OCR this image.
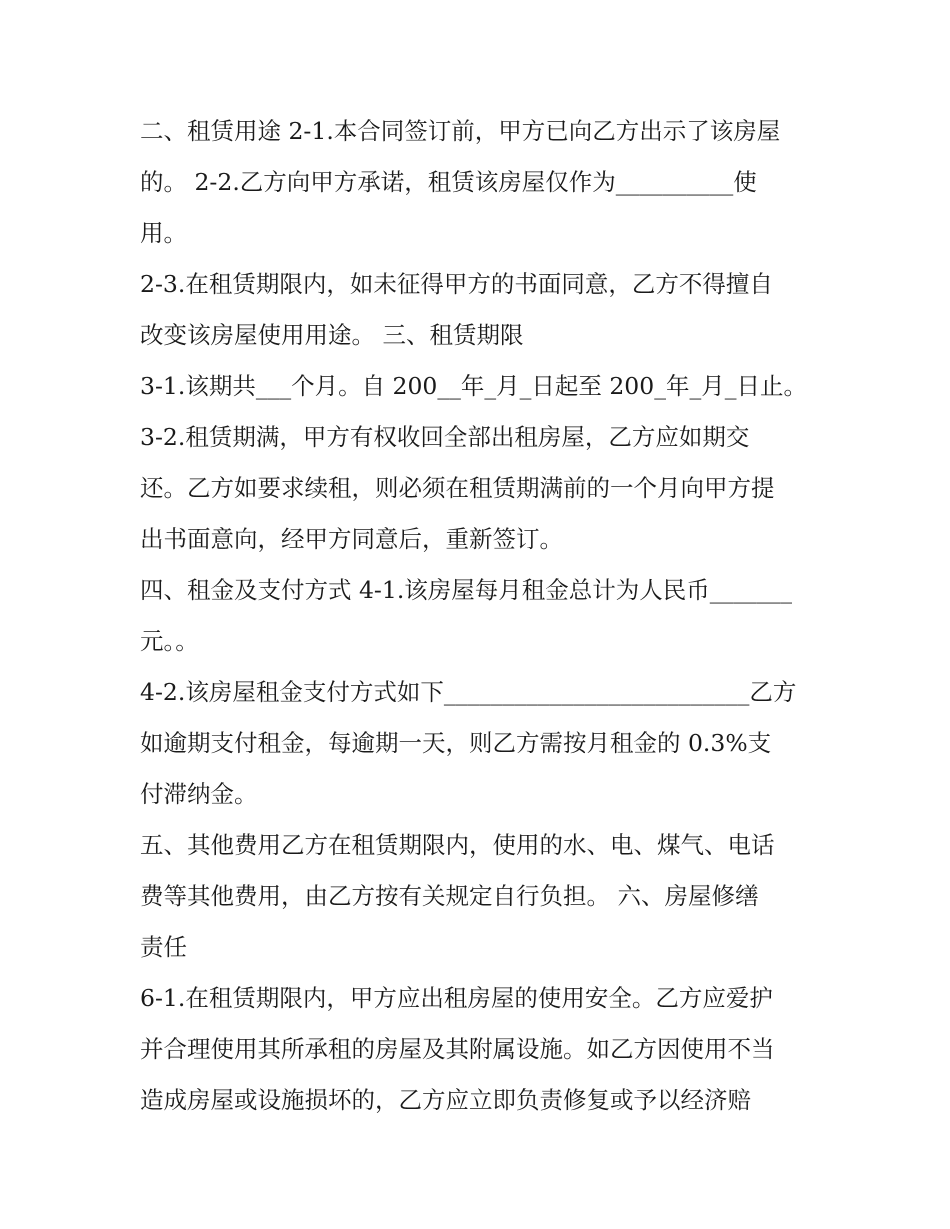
二、租赁用途 2-1.本合同签订前，甲方已向乙方出示了该房屋
的。 2-2.乙方向甲方承诺，租赁该房屋仅作为__________使
用。
2-3.在租赁期限内，如未征得甲方的书面同意，乙方不得擅自
改变该房屋使用用途。 三、租赁期限
3-1.该期共___个月。自 200__年_月_日起至 200_年_月_日止。
3-2.租赁期满，甲方有权收回全部出租房屋，乙方应如期交
还。乙方如要求续租，则必须在租赁期满前的一个月向甲方提
出书面意向，经甲方同意后，重新签订。
四、租金及支付方式 4-1.该房屋每月租金总计为人民币_______
元。。
4-2.该房屋租金支付方式如下__________________________乙方
如逾期支付租金，每逾期一天，则乙方需按月租金的 0.3%支
付滞纳金。
五、其他费用乙方在租赁期限内，使用的水、电、煤气、电话
费等其他费用，由乙方按有关规定自行负担。 六、房屋修缮
责任
6-1.在租赁期限内，甲方应出租房屋的使用安全。乙方应爱护
并合理使用其所承租的房屋及其附属设施。如乙方因使用不当
造成房屋或设施损坏的，乙方应立即负责修复或予以经济赔
